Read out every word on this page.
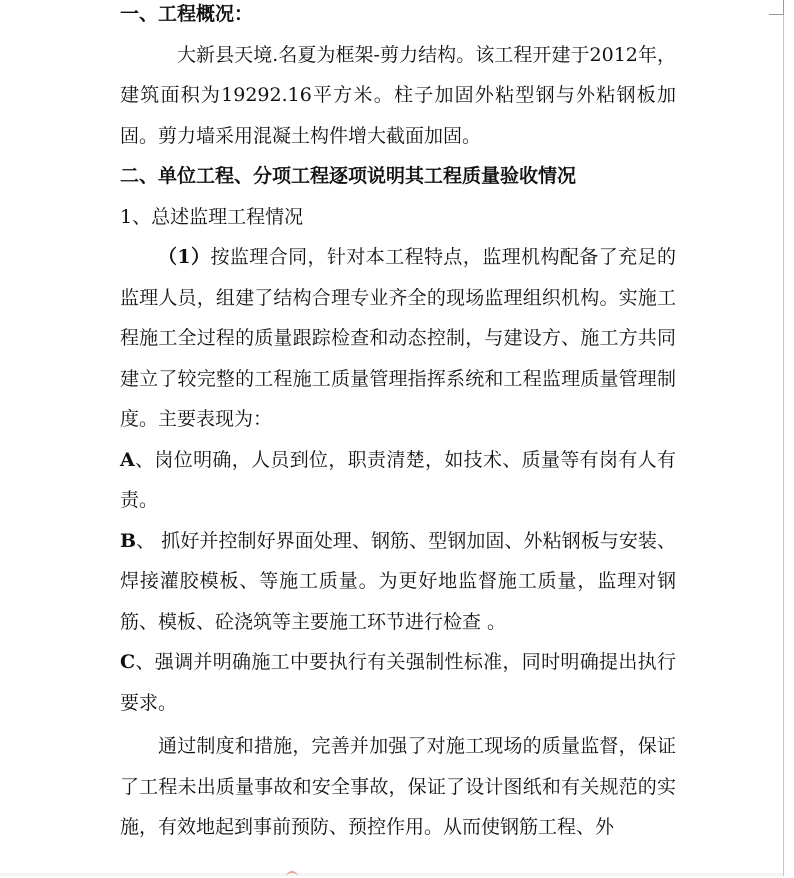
一、工程概况：

大新县天境.名夏为框架-剪力结构。该工程开建于2012年，建筑面积为19292.16平方米。柱子加固外粘型钢与外粘钢板加固。剪力墙采用混凝土构件增大截面加固。

二、单位工程、分项工程逐项说明其工程质量验收情况

1、总述监理工程情况

（1）按监理合同，针对本工程特点，监理机构配备了充足的监理人员，组建了结构合理专业齐全的现场监理组织机构。实施工程施工全过程的质量跟踪检查和动态控制，与建设方、施工方共同建立了较完整的工程施工质量管理指挥系统和工程监理质量管理制度。主要表现为：

A、岗位明确，人员到位，职责清楚，如技术、质量等有岗有人有责。

B、 抓好并控制好界面处理、钢筋、型钢加固、外粘钢板与安装、焊接灌胶模板、等施工质量。为更好地监督施工质量，监理对钢筋、模板、砼浇筑等主要施工环节进行检查 。

C、强调并明确施工中要执行有关强制性标准，同时明确提出执行要求。

通过制度和措施，完善并加强了对施工现场的质量监督，保证了工程未出质量事故和安全事故，保证了设计图纸和有关规范的实施，有效地起到事前预防、预控作用。从而使钢筋工程、外
